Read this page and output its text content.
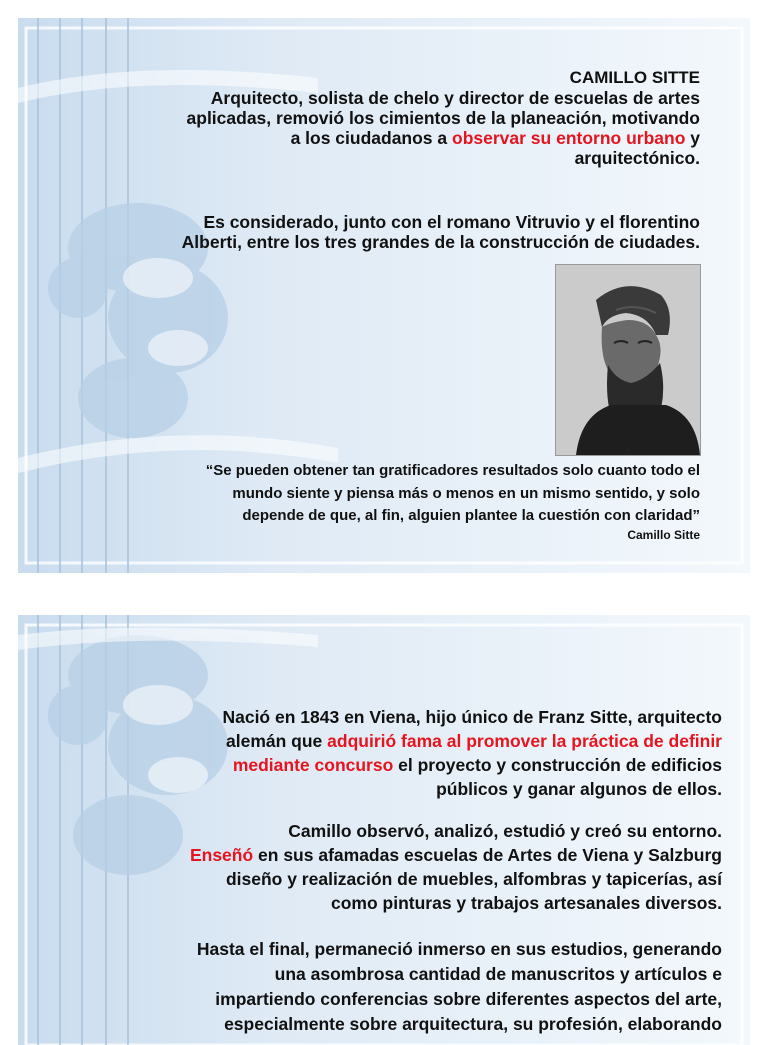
CAMILLO SITTE
Arquitecto, solista de chelo y director de escuelas de artes
aplicadas, removió los cimientos de la planeación, motivando
a los ciudadanos a observar su entorno urbano y
arquitectónico.
Es considerado, junto con el romano Vitruvio y el florentino
Alberti, entre los tres grandes de la construcción de ciudades.
~
“Se pueden obtener tan gratificadores resultados solo cuanto todo el
mundo siente y piensa más o menos en un mismo sentido, y solo
depende de que, al fin, alguien plantee la cuestión con claridad”
Camillo Sitte
Nació en 1843 en Viena, hijo único de Franz Sitte, arquitecto
alemán que adquirió fama al promover la práctica de definir
mediante concurso el proyecto y construcción de edificios
públicos y ganar algunos de ellos.
Camillo observó, analizó, estudió y creó su entorno.
Enseñó en sus afamadas escuelas de Artes de Viena y Salzburg
diseño y realización de muebles, alfombras y tapicerías, así
como pinturas y trabajos artesanales diversos.
Hasta el final, permaneció inmerso en sus estudios, generando
una asombrosa cantidad de manuscritos y artículos e
impartiendo conferencias sobre diferentes aspectos del arte,
especialmente sobre arquitectura, su profesión, elaborando
